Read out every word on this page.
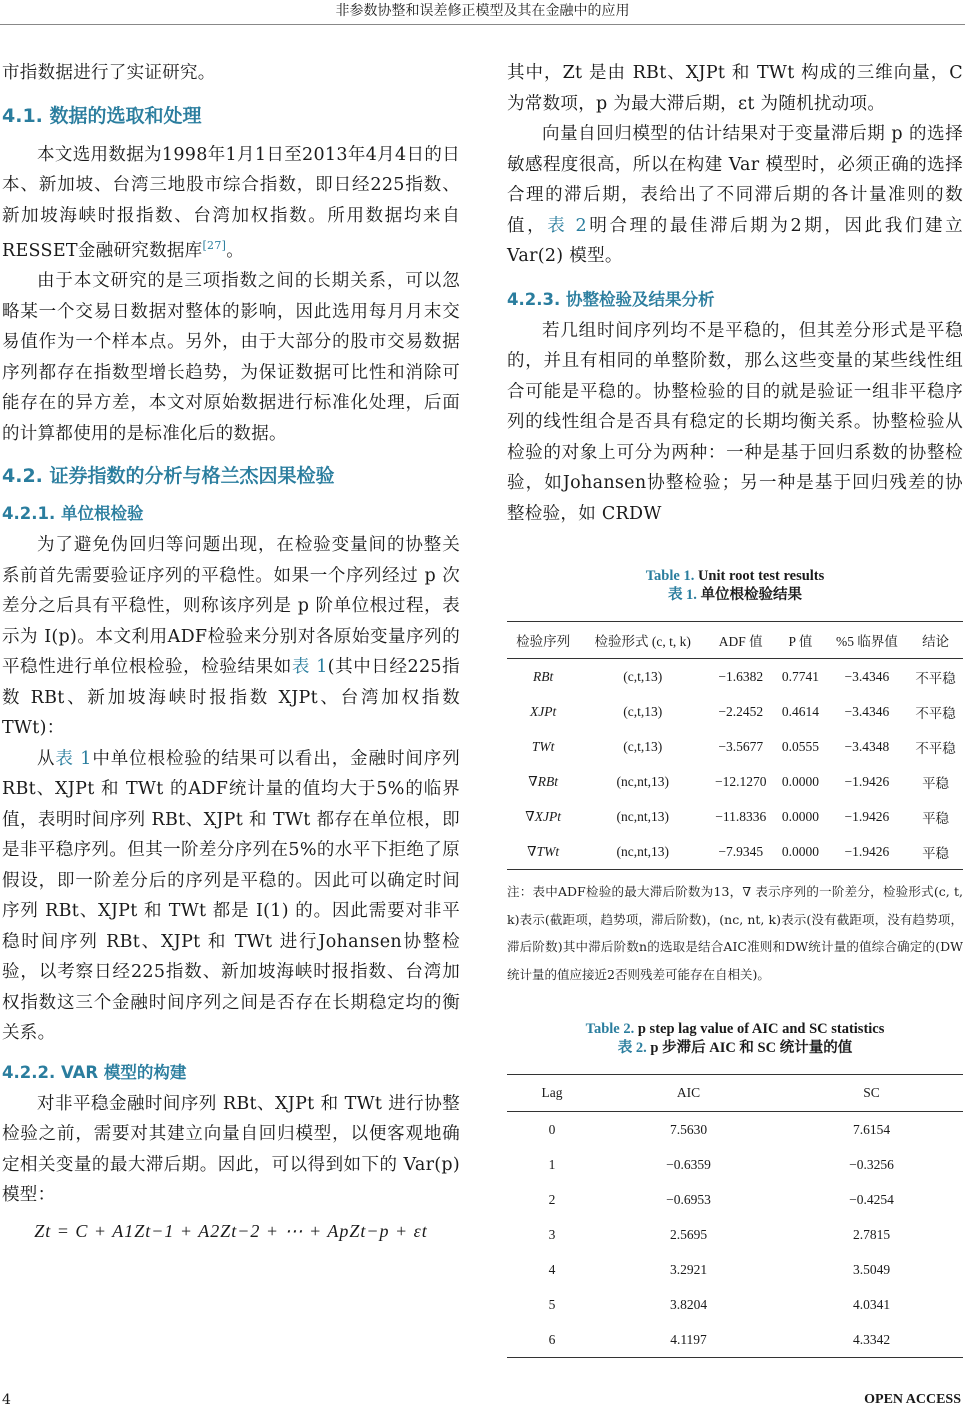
非参数协整和误差修正模型及其在金融中的应用

市指数据进行了实证研究。

4.1. 数据的选取和处理

本文选用数据为1998年1月1日至2013年4月4日的日本、新加坡、台湾三地股市综合指数，即日经225指数、新加坡海峡时报指数、台湾加权指数。所用数据均来自RESSET金融研究数据库[27]。

由于本文研究的是三项指数之间的长期关系，可以忽略某一个交易日数据对整体的影响，因此选用每月月末交易值作为一个样本点。另外，由于大部分的股市交易数据序列都存在指数型增长趋势，为保证数据可比性和消除可能存在的异方差，本文对原始数据进行标准化处理，后面的计算都使用的是标准化后的数据。

4.2. 证券指数的分析与格兰杰因果检验
4.2.1. 单位根检验

为了避免伪回归等问题出现，在检验变量间的协整关系前首先需要验证序列的平稳性。如果一个序列经过 p 次差分之后具有平稳性，则称该序列是 p 阶单位根过程，表示为 I(p)。本文利用ADF检验来分别对各原始变量序列的平稳性进行单位根检验，检验结果如表 1(其中日经225指数 RBt、新加坡海峡时报指数 XJPt、台湾加权指数 TWt)：

从表 1中单位根检验的结果可以看出，金融时间序列 RBt、XJPt 和 TWt 的ADF统计量的值均大于5%的临界值，表明时间序列 RBt、XJPt 和 TWt 都存在单位根，即是非平稳序列。但其一阶差分序列在5%的水平下拒绝了原假设，即一阶差分后的序列是平稳的。因此可以确定时间序列 RBt、XJPt 和 TWt 都是 I(1) 的。因此需要对非平稳时间序列 RBt、XJPt 和 TWt 进行Johansen协整检验，以考察日经225指数、新加坡海峡时报指数、台湾加权指数这三个金融时间序列之间是否存在长期稳定均的衡关系。

4.2.2. VAR 模型的构建

对非平稳金融时间序列 RBt、XJPt 和 TWt 进行协整检验之前，需要对其建立向量自回归模型，以便客观地确定相关变量的最大滞后期。因此，可以得到如下的 Var(p) 模型：

Zt = C + A1Zt−1 + A2Zt−2 + ⋯ + ApZt−p + εt

其中，Zt 是由 RBt、XJPt 和 TWt 构成的三维向量，C 为常数项，p 为最大滞后期，εt 为随机扰动项。

向量自回归模型的估计结果对于变量滞后期 p 的选择敏感程度很高，所以在构建 Var 模型时，必须正确的选择合理的滞后期，表给出了不同滞后期的各计量准则的数值，表 2明合理的最佳滞后期为2期，因此我们建立 Var(2) 模型。

4.2.3. 协整检验及结果分析

若几组时间序列均不是平稳的，但其差分形式是平稳的，并且有相同的单整阶数，那么这些变量的某些线性组合可能是平稳的。协整检验的目的就是验证一组非平稳序列的线性组合是否具有稳定的长期均衡关系。协整检验从检验的对象上可分为两种：一种是基于回归系数的协整检验，如Johansen协整检验；另一种是基于回归残差的协整检验，如 CRDW

Table 1. Unit root test results
表 1. 单位根检验结果
检验序列	检验形式 (c, t, k)	ADF 值	P 值	%5 临界值	结论
RBt	(c,t,13)	−1.6382	0.7741	−3.4346	不平稳
XJPt	(c,t,13)	−2.2452	0.4614	−3.4346	不平稳
TWt	(c,t,13)	−3.5677	0.0555	−3.4348	不平稳
∇RBt	(nc,nt,13)	−12.1270	0.0000	−1.9426	平稳
∇XJPt	(nc,nt,13)	−11.8336	0.0000	−1.9426	平稳
∇TWt	(nc,nt,13)	−7.9345	0.0000	−1.9426	平稳
注：表中ADF检验的最大滞后阶数为13，∇ 表示序列的一阶差分，检验形式(c, t, k)表示(截距项，趋势项，滞后阶数)，(nc, nt, k)表示(没有截距项，没有趋势项，滞后阶数)其中滞后阶数n的选取是结合AIC准则和DW统计量的值综合确定的(DW统计量的值应接近2否则残差可能存在自相关)。
Table 2. p step lag value of AIC and SC statistics
表 2. p 步滞后 AIC 和 SC 统计量的值
Lag	AIC	SC
0	7.5630	7.6154
1	−0.6359	−0.3256
2	−0.6953	−0.4254
3	2.5695	2.7815
4	3.2921	3.5049
5	3.8204	4.0341
6	4.1197	4.3342
4	OPEN ACCESS
